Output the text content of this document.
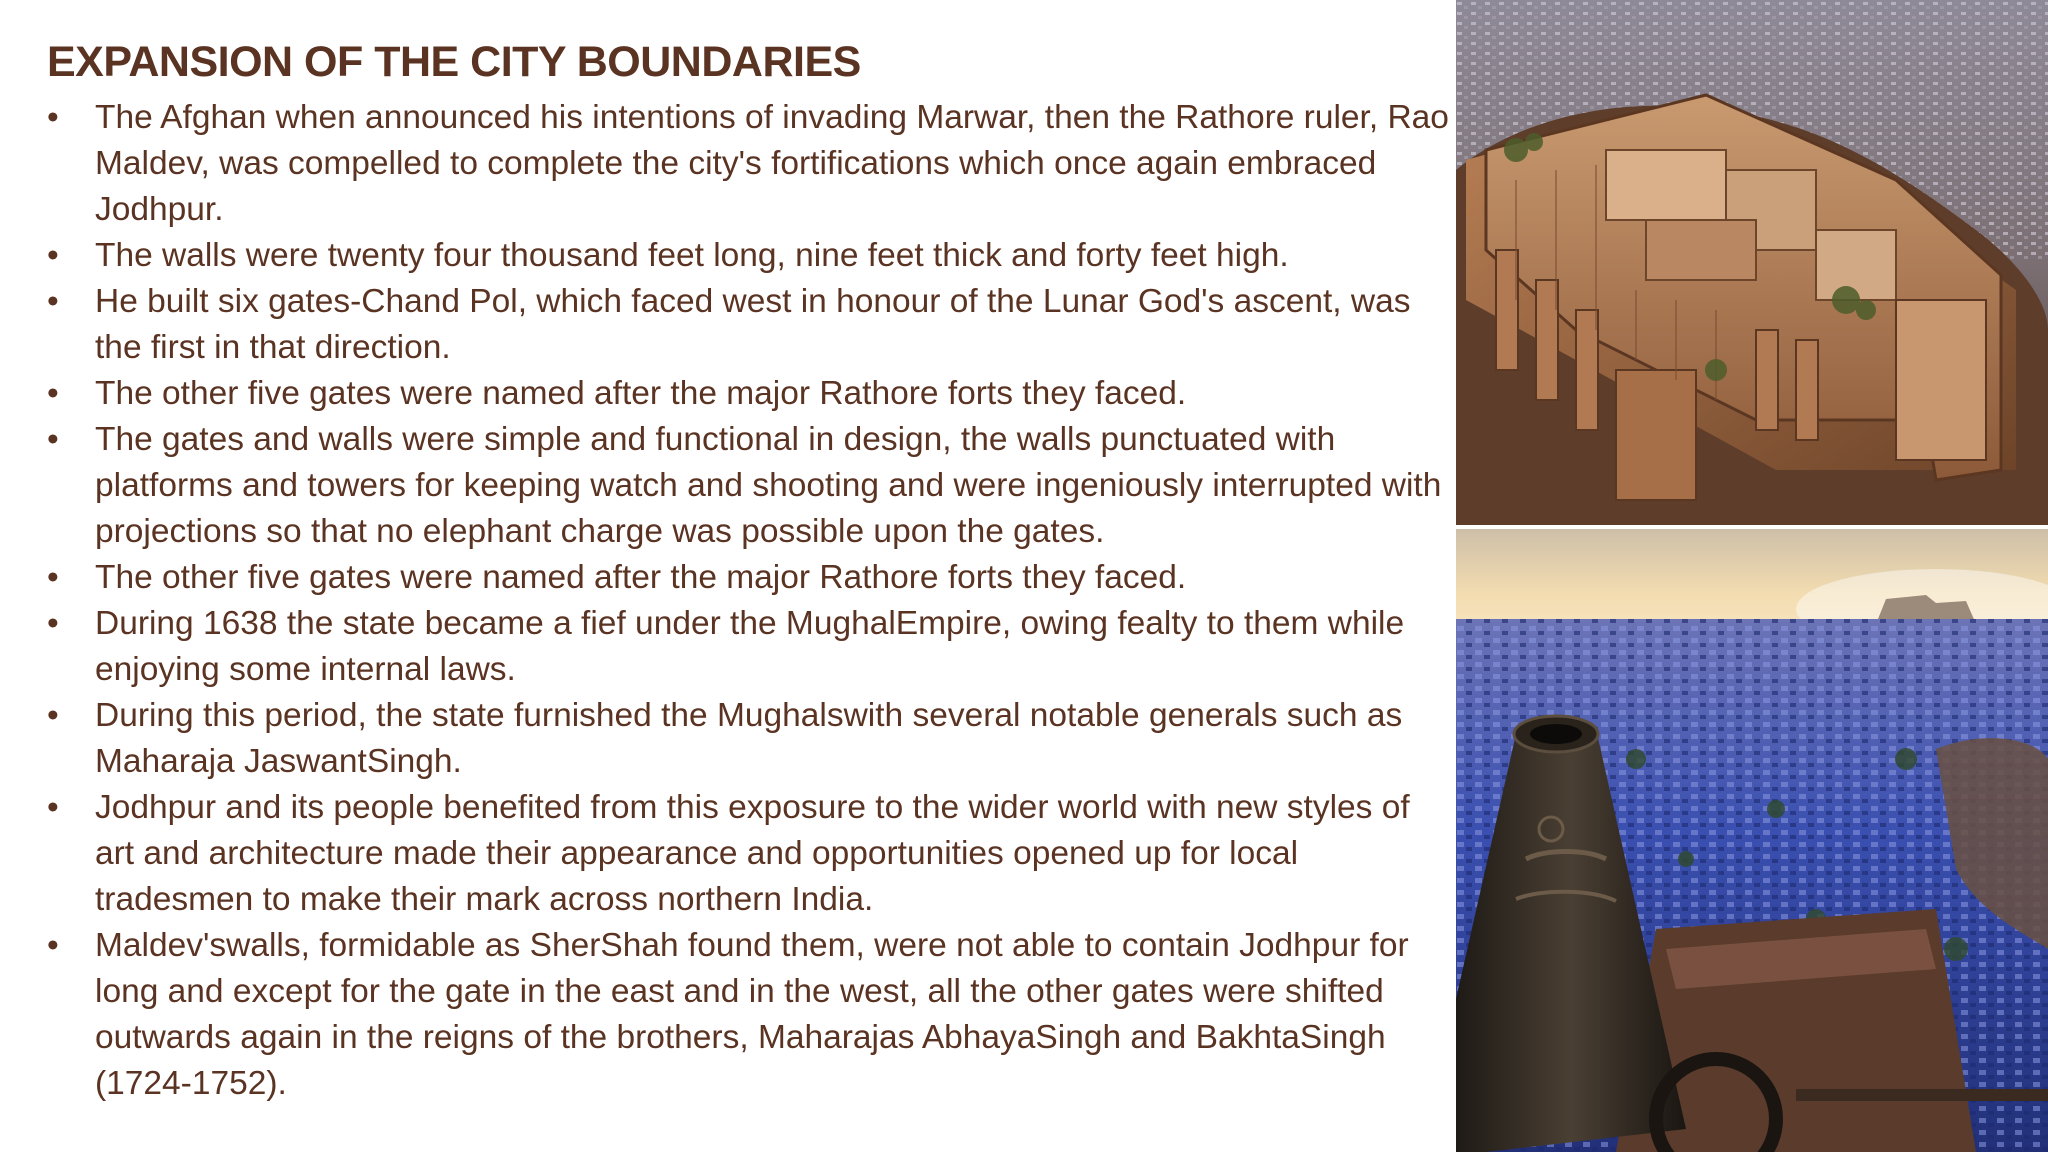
EXPANSION OF THE CITY BOUNDARIES
• The Afghan when announced his intentions of invading Marwar, then the Rathore ruler, Rao Maldev, was compelled to complete the city's fortifications which once again embraced Jodhpur.
• The walls were twenty four thousand feet long, nine feet thick and forty feet high.
• He built six gates-Chand Pol, which faced west in honour of the Lunar God's ascent, was the first in that direction.
• The other five gates were named after the major Rathore forts they faced.
• The gates and walls were simple and functional in design, the walls punctuated with platforms and towers for keeping watch and shooting and were ingeniously interrupted with projections so that no elephant charge was possible upon the gates.
• The other five gates were named after the major Rathore forts they faced.
• During 1638 the state became a fief under the MughalEmpire, owing fealty to them while enjoying some internal laws.
• During this period, the state furnished the Mughalswith several notable generals such as Maharaja JaswantSingh.
• Jodhpur and its people benefited from this exposure to the wider world with new styles of art and architecture made their appearance and opportunities opened up for local tradesmen to make their mark across northern India.
• Maldev'swalls, formidable as SherShah found them, were not able to contain Jodhpur for long and except for the gate in the east and in the west, all the other gates were shifted outwards again in the reigns of the brothers, Maharajas AbhayaSingh and BakhtaSingh (1724-1752).
